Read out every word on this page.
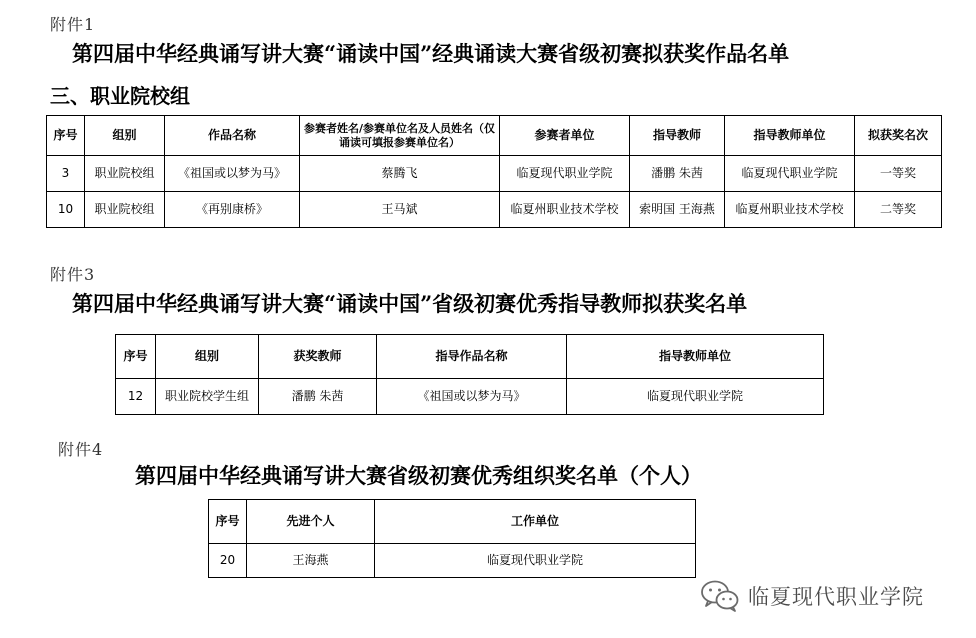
附件1
第四届中华经典诵写讲大赛“诵读中国”经典诵读大赛省级初赛拟获奖作品名单
三、职业院校组
序号	组别	作品名称	参赛者姓名/参赛单位名及人员姓名（仅诵读可填报参赛单位名）	参赛者单位	指导教师	指导教师单位	拟获奖名次
3	职业院校组	《祖国或以梦为马》	蔡腾飞	临夏现代职业学院	潘鹏 朱茜	临夏现代职业学院	一等奖
10	职业院校组	《再别康桥》	王马斌	临夏州职业技术学校	索明国 王海燕	临夏州职业技术学校	二等奖
附件3
第四届中华经典诵写讲大赛“诵读中国”省级初赛优秀指导教师拟获奖名单
序号	组别	获奖教师	指导作品名称	指导教师单位
12	职业院校学生组	潘鹏 朱茜	《祖国或以梦为马》	临夏现代职业学院
附件4
第四届中华经典诵写讲大赛省级初赛优秀组织奖名单（个人）
序号	先进个人	工作单位
20	王海燕	临夏现代职业学院
临夏现代职业学院
